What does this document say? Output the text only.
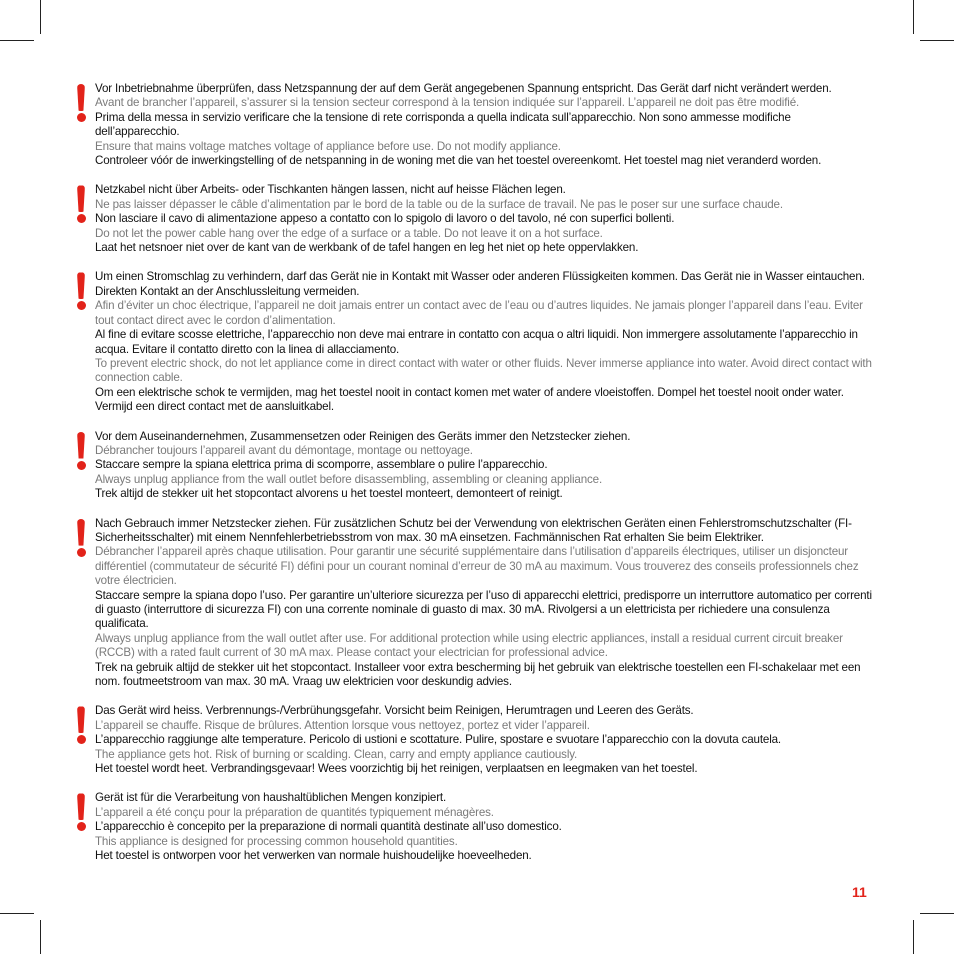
Vor Inbetriebnahme überprüfen, dass Netzspannung der auf dem Gerät angegebenen Spannung entspricht. Das Gerät darf nicht verändert werden.

Avant de brancher l’appareil, s’assurer si la tension secteur correspond à la tension indiquée sur l’appareil. L’appareil ne doit pas être modifié.

Prima della messa in servizio verificare che la tensione di rete corrisponda a quella indicata sull’apparecchio. Non sono ammesse modifiche dell’apparecchio.

Ensure that mains voltage matches voltage of appliance before use. Do not modify appliance.

Controleer vóór de inwerkingstelling of de netspanning in de woning met die van het toestel overeenkomt. Het toestel mag niet veranderd worden.

Netzkabel nicht über Arbeits- oder Tischkanten hängen lassen, nicht auf heisse Flächen legen.

Ne pas laisser dépasser le câble d’alimentation par le bord de la table ou de la surface de travail. Ne pas le poser sur une surface chaude.

Non lasciare il cavo di alimentazione appeso a contatto con lo spigolo di lavoro o del tavolo, né con superfici bollenti.

Do not let the power cable hang over the edge of a surface or a table. Do not leave it on a hot surface.

Laat het netsnoer niet over de kant van de werkbank of de tafel hangen en leg het niet op hete oppervlakken.

Um einen Stromschlag zu verhindern, darf das Gerät nie in Kontakt mit Wasser oder anderen Flüssigkeiten kommen. Das Gerät nie in Wasser eintauchen. Direkten Kontakt an der Anschlussleitung vermeiden.

Afin d’éviter un choc électrique, l’appareil ne doit jamais entrer un contact avec de l’eau ou d’autres liquides. Ne jamais plonger l’appareil dans l’eau. Eviter tout contact direct avec le cordon d’alimentation.

Al fine di evitare scosse elettriche, l’apparecchio non deve mai entrare in contatto con acqua o altri liquidi. Non immergere assolutamente l’apparecchio in acqua. Evitare il contatto diretto con la linea di allacciamento.

To prevent electric shock, do not let appliance come in direct contact with water or other fluids. Never immerse appliance into water. Avoid direct contact with connection cable.

Om een elektrische schok te vermijden, mag het toestel nooit in contact komen met water of andere vloeistoffen. Dompel het toestel nooit onder water. Vermijd een direct contact met de aansluitkabel.

Vor dem Auseinandernehmen, Zusammensetzen oder Reinigen des Geräts immer den Netzstecker ziehen.

Débrancher toujours l’appareil avant du démontage, montage ou nettoyage.

Staccare sempre la spiana elettrica prima di scomporre, assemblare o pulire l’apparecchio.

Always unplug appliance from the wall outlet before disassembling, assembling or cleaning appliance.

Trek altijd de stekker uit het stopcontact alvorens u het toestel monteert, demonteert of reinigt.

Nach Gebrauch immer Netzstecker ziehen. Für zusätzlichen Schutz bei der Verwendung von elektrischen Geräten einen Fehlerstromschutzschalter (FI-Sicherheitsschalter) mit einem Nennfehlerbetriebsstrom von max. 30 mA einsetzen. Fachmännischen Rat erhalten Sie beim Elektriker.

Débrancher l’appareil après chaque utilisation. Pour garantir une sécurité supplémentaire dans l’utilisation d’appareils électriques, utiliser un disjoncteur différentiel (commutateur de sécurité FI) défini pour un courant nominal d’erreur de 30 mA au maximum. Vous trouverez des conseils professionnels chez votre électricien.

Staccare sempre la spiana dopo l’uso. Per garantire un’ulteriore sicurezza per l’uso di apparecchi elettrici, predisporre un interruttore automatico per correnti di guasto (interruttore di sicurezza FI) con una corrente nominale di guasto di max. 30 mA. Rivolgersi a un elettricista per richiedere una consulenza qualificata.

Always unplug appliance from the wall outlet after use. For additional protection while using electric appliances, install a residual current circuit breaker (RCCB) with a rated fault current of 30 mA max. Please contact your electrician for professional advice.

Trek na gebruik altijd de stekker uit het stopcontact. Installeer voor extra bescherming bij het gebruik van elektrische toestellen een FI-schakelaar met een nom. foutmeetstroom van max. 30 mA. Vraag uw elektricien voor deskundig advies.

Das Gerät wird heiss. Verbrennungs-/Verbrühungsgefahr. Vorsicht beim Reinigen, Herumtragen und Leeren des Geräts.

L’appareil se chauffe. Risque de brûlures. Attention lorsque vous nettoyez, portez et vider l’appareil.

L’apparecchio raggiunge alte temperature. Pericolo di ustioni e scottature. Pulire, spostare e svuotare l’apparecchio con la dovuta cautela.

The appliance gets hot. Risk of burning or scalding. Clean, carry and empty appliance cautiously.

Het toestel wordt heet. Verbrandingsgevaar! Wees voorzichtig bij het reinigen, verplaatsen en leegmaken van het toestel.

Gerät ist für die Verarbeitung von haushaltüblichen Mengen konzipiert.

L’appareil a été conçu pour la préparation de quantités typiquement ménagères.

L’apparecchio è concepito per la preparazione di normali quantità destinate all’uso domestico.

This appliance is designed for processing common household quantities.

Het toestel is ontworpen voor het verwerken van normale huishoudelijke hoeveelheden.

11
